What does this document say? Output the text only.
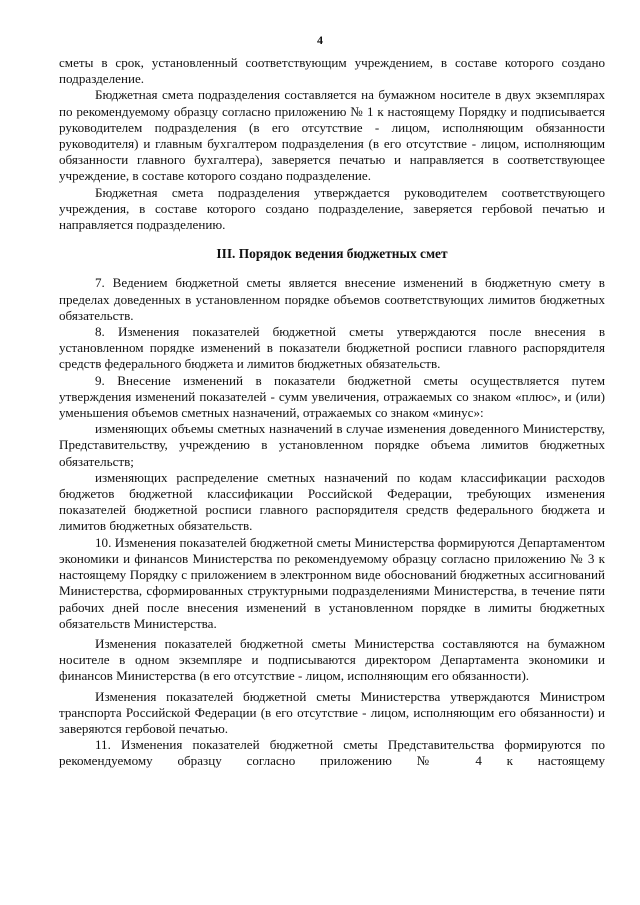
4

сметы в срок, установленный соответствующим учреждением, в составе которого создано подразделение.

Бюджетная смета подразделения составляется на бумажном носителе в двух экземплярах по рекомендуемому образцу согласно приложению № 1 к настоящему Порядку и подписывается руководителем подразделения (в его отсутствие - лицом, исполняющим обязанности руководителя) и главным бухгалтером подразделения (в его отсутствие - лицом, исполняющим обязанности главного бухгалтера), заверяется печатью и направляется в соответствующее учреждение, в составе которого создано подразделение.

Бюджетная смета подразделения утверждается руководителем соответствующего учреждения, в составе которого создано подразделение, заверяется гербовой печатью и направляется подразделению.

III. Порядок ведения бюджетных смет

7. Ведением бюджетной сметы является внесение изменений в бюджетную смету в пределах доведенных в установленном порядке объемов соответствующих лимитов бюджетных обязательств.

8. Изменения показателей бюджетной сметы утверждаются после внесения в установленном порядке изменений в показатели бюджетной росписи главного распорядителя средств федерального бюджета и лимитов бюджетных обязательств.

9. Внесение изменений в показатели бюджетной сметы осуществляется путем утверждения изменений показателей - сумм увеличения, отражаемых со знаком «плюс», и (или) уменьшения объемов сметных назначений, отражаемых со знаком «минус»:

изменяющих объемы сметных назначений в случае изменения доведенного Министерству, Представительству, учреждению в установленном порядке объема лимитов бюджетных обязательств;

изменяющих распределение сметных назначений по кодам классификации расходов бюджетов бюджетной классификации Российской Федерации, требующих изменения показателей бюджетной росписи главного распорядителя средств федерального бюджета и лимитов бюджетных обязательств.

10. Изменения показателей бюджетной сметы Министерства формируются Департаментом экономики и финансов Министерства по рекомендуемому образцу согласно приложению № 3 к настоящему Порядку с приложением в электронном виде обоснований бюджетных ассигнований Министерства, сформированных структурными подразделениями Министерства, в течение пяти рабочих дней после внесения изменений в установленном порядке в лимиты бюджетных обязательств Министерства.

Изменения показателей бюджетной сметы Министерства составляются на бумажном носителе в одном экземпляре и подписываются директором Департамента экономики и финансов Министерства (в его отсутствие - лицом, исполняющим его обязанности).

Изменения показателей бюджетной сметы Министерства утверждаются Министром транспорта Российской Федерации (в его отсутствие - лицом, исполняющим его обязанности) и заверяются гербовой печатью.

11. Изменения показателей бюджетной сметы Представительства формируются по рекомендуемому образцу согласно приложению № 4 к настоящему
